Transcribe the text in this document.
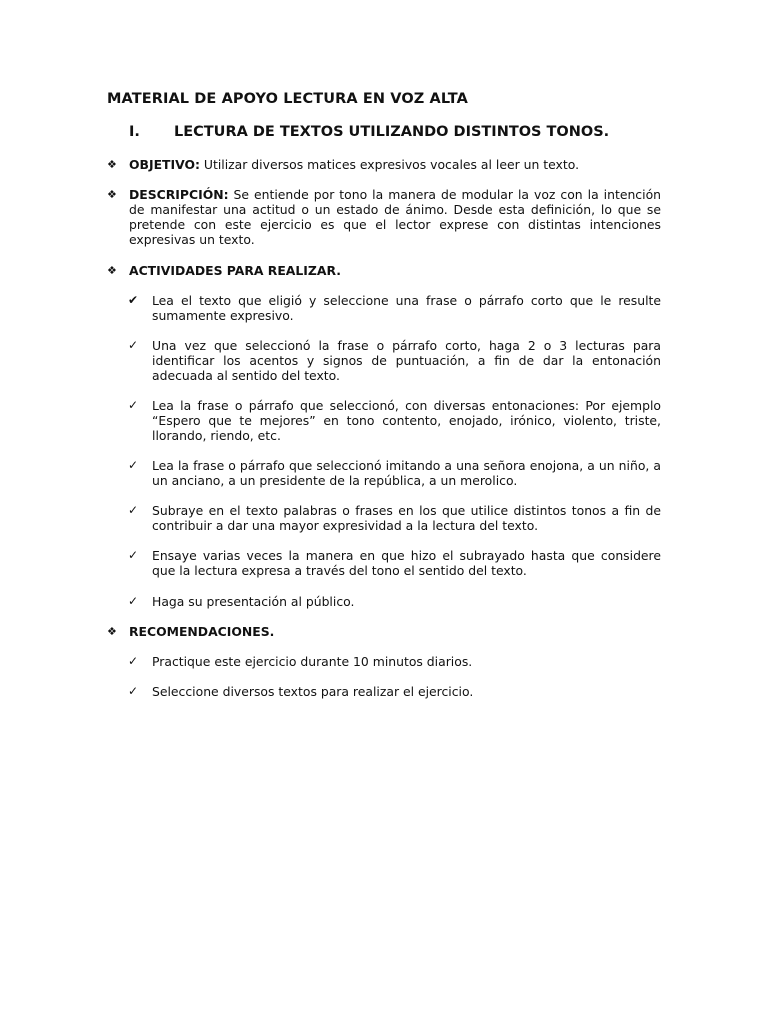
MATERIAL DE APOYO LECTURA EN VOZ ALTA
I. LECTURA DE TEXTOS UTILIZANDO DISTINTOS TONOS.
❖ OBJETIVO: Utilizar diversos matices expresivos vocales al leer un texto.
❖ DESCRIPCIÓN: Se entiende por tono la manera de modular la voz con la intención de manifestar una actitud o un estado de ánimo. Desde esta definición, lo que se pretende con este ejercicio es que el lector exprese con distintas intenciones expresivas un texto.
❖ ACTIVIDADES PARA REALIZAR.
✔	Lea el texto que eligió y seleccione una frase o párrafo corto que le resulte sumamente expresivo.
✓	Una vez que seleccionó la frase o párrafo corto, haga 2 o 3 lecturas para identificar los acentos y signos de puntuación, a fin de dar la entonación adecuada al sentido del texto.
✓	Lea la frase o párrafo que seleccionó, con diversas entonaciones: Por ejemplo “Espero que te mejores” en tono contento, enojado, irónico, violento, triste, llorando, riendo, etc.
✓	Lea la frase o párrafo que seleccionó imitando a una señora enojona, a un niño, a un anciano, a un presidente de la república, a un merolico.
✓	Subraye en el texto palabras o frases en los que utilice distintos tonos a fin de contribuir a dar una mayor expresividad a la lectura del texto.
✓	Ensaye varias veces la manera en que hizo el subrayado hasta que considere que la lectura expresa a través del tono el sentido del texto.
✓	Haga su presentación al público.
❖ RECOMENDACIONES.
✓	Practique este ejercicio durante 10 minutos diarios.
✓	Seleccione diversos textos para realizar el ejercicio.
